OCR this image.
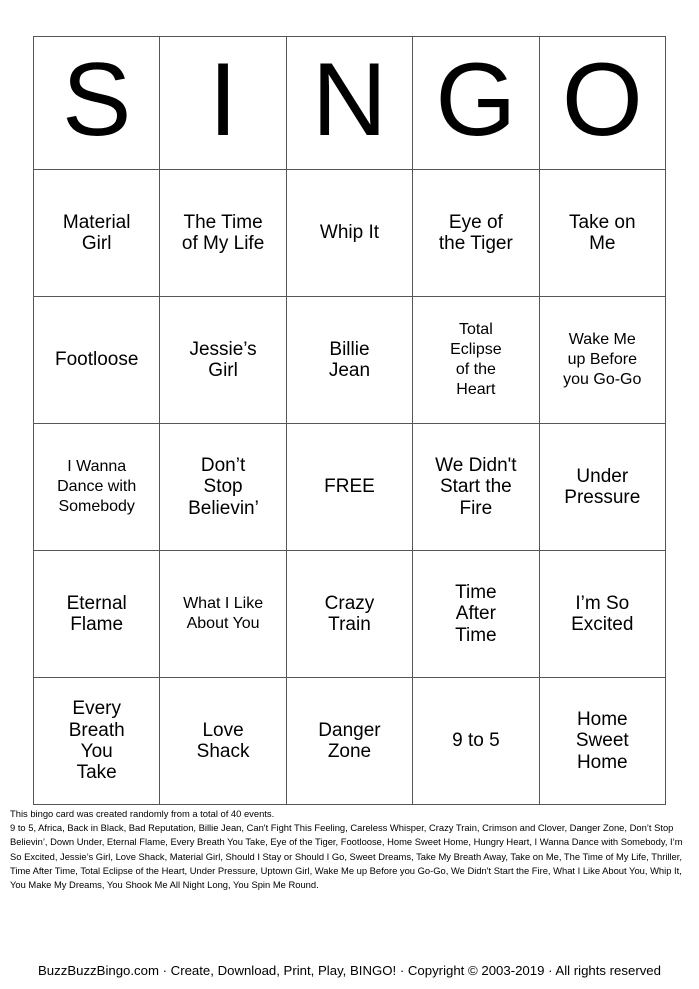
S	I	N	G	O
Material Girl	The Time of My Life	Whip It	Eye of the Tiger	Take on Me
Footloose	Jessie’s Girl	Billie Jean	Total Eclipse of the Heart	Wake Me up Before you Go-Go
I Wanna Dance with Somebody	Don’t Stop Believin’	FREE	We Didn't Start the Fire	Under Pressure
Eternal Flame	What I Like About You	Crazy Train	Time After Time	I’m So Excited
Every Breath You Take	Love Shack	Danger Zone	9 to 5	Home Sweet Home

This bingo card was created randomly from a total of 40 events.

9 to 5, Africa, Back in Black, Bad Reputation, Billie Jean, Can't Fight This Feeling, Careless Whisper, Crazy Train, Crimson and Clover, Danger Zone, Don’t Stop Believin’, Down Under, Eternal Flame, Every Breath You Take, Eye of the Tiger, Footloose, Home Sweet Home, Hungry Heart, I Wanna Dance with Somebody, I’m So Excited, Jessie’s Girl, Love Shack, Material Girl, Should I Stay or Should I Go, Sweet Dreams, Take My Breath Away, Take on Me, The Time of My Life, Thriller, Time After Time, Total Eclipse of the Heart, Under Pressure, Uptown Girl, Wake Me up Before you Go-Go, We Didn't Start the Fire, What I Like About You, Whip It, You Make My Dreams, You Shook Me All Night Long, You Spin Me Round.

BuzzBuzzBingo.com · Create, Download, Print, Play, BINGO! · Copyright © 2003-2019 · All rights reserved
